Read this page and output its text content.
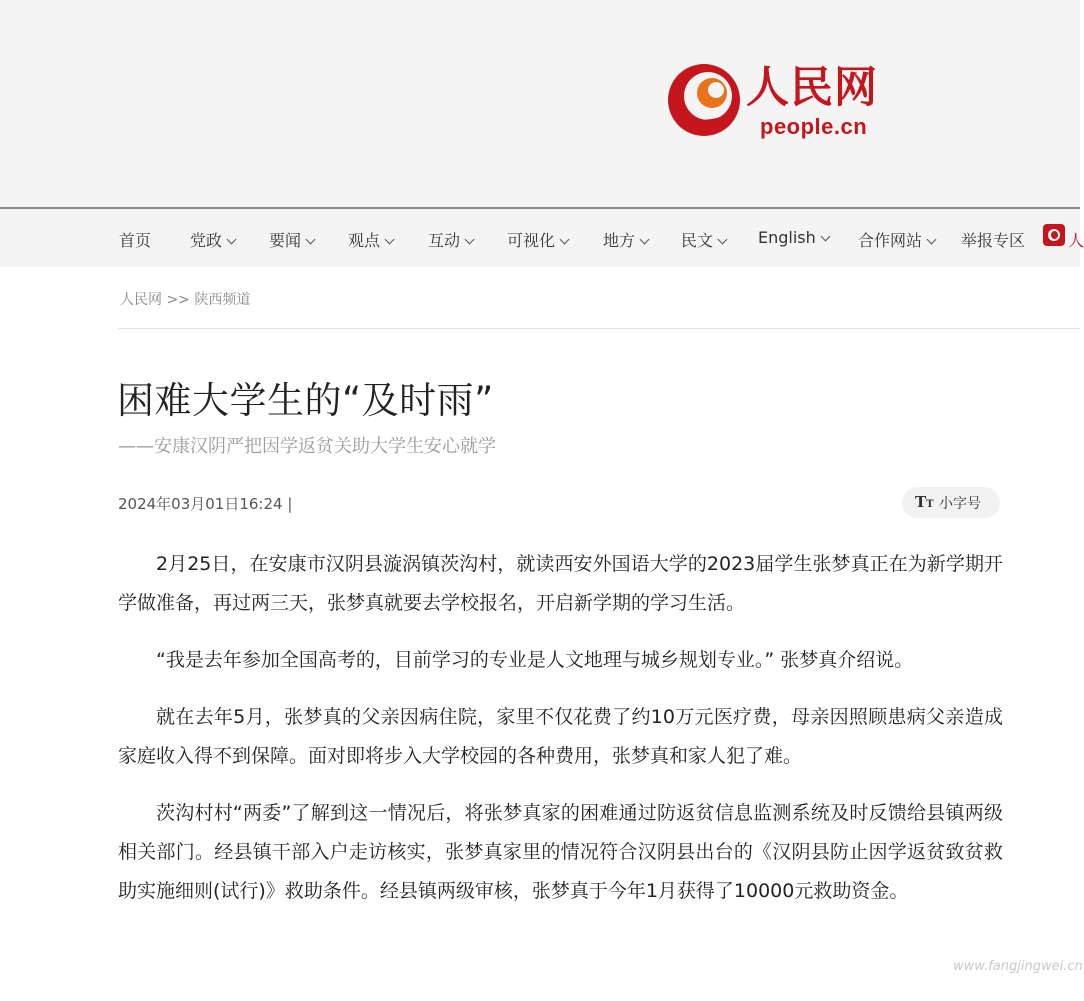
人民网
people.cn
首页 党政	要闻	观点	互动	可视化	地方	民文	English	合作网站	举报专区	人
人民网 >> 陕西频道
困难大学生的“及时雨”
——安康汉阴严把因学返贫关助大学生安心就学
2024年03月01日16:24 |	TT 小字号

2月25日，在安康市汉阴县漩涡镇茨沟村，就读西安外国语大学的2023届学生张梦真正在为新学期开学做准备，再过两三天，张梦真就要去学校报名，开启新学期的学习生活。

“我是去年参加全国高考的，目前学习的专业是人文地理与城乡规划专业。” 张梦真介绍说。

就在去年5月，张梦真的父亲因病住院，家里不仅花费了约10万元医疗费，母亲因照顾患病父亲造成家庭收入得不到保障。面对即将步入大学校园的各种费用，张梦真和家人犯了难。

茨沟村村“两委”了解到这一情况后，将张梦真家的困难通过防返贫信息监测系统及时反馈给县镇两级相关部门。经县镇干部入户走访核实，张梦真家里的情况符合汉阴县出台的《汉阴县防止因学返贫致贫救助实施细则(试行)》救助条件。经县镇两级审核，张梦真于今年1月获得了10000元救助资金。

www.fangjingwei.cn
